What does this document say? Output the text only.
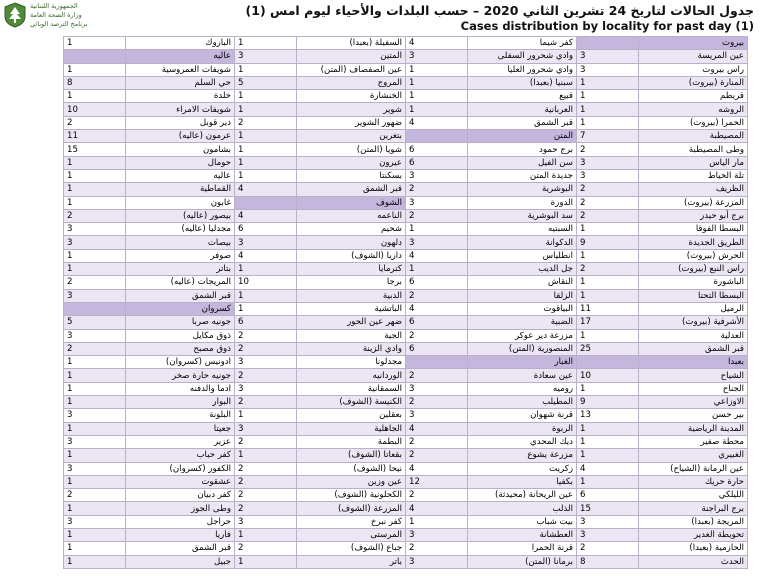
الجمهورية اللبنانية
وزارة الصحة العامة
برنامج الترصد الوبائي
جدول الحالات لتاريخ 24 تشرين الثاني 2020 – حسب البلدات والأحياء ليوم امس (1)
Cases distribution by locality for past day (1)
1	الباروك	1	السفيلة (بعبدا)	4	كفر شيما		بيروت
	عاليه	3	المتين	3	وادي شحرور السفلى	3	عين المريسة
1	شويفات العمروسية	1	عين الصفصاف (المتن)	1	وادي شحرور العليا	3	راس بيروت
8	حي السلم	5	المروج	1	سبنيا (بعبدا)	1	المنارة (بيروت)
1	خلدة	1	الخنشارة	1	قبيع	1	قريطم
10	شويفات الامراء	1	شوير	1	العربانية	1	الروشه
2	دير قوبل	2	ضهور الشوير	4	قبر الشمق	1	الحمرا (بيروت)
11	عرمون (عاليه)	1	بتغرين		المتن	7	المصيطبة
15	بشامون	1	شويا (المتن)	6	برج حمود	2	وطى المصيطبة
1	حومال	1	عيرون	6	سن الفيل	3	مار الياس
1	عاليه	1	بسكنتا	3	جديدة المتن	3	تلة الخياط
1	القماطية	4	قبر الشمق	2	البوشرية	2	الظريف
1	غابون		الشوف	3	الدورة	2	المزرعة (بيروت)
2	بيصور (عاليه)	4	الناعمه	2	سد البوشرية	2	برج أبو حيدر
3	مجدليا (عاليه)	6	شحيم	1	السبتيه	1	البسطا الفوقا
3	بيصات	3	دلهون	3	الدكوانة	9	الطريق الجديدة
1	صوفر	4	داريا (الشوف)	4	انطلياس	1	الحرش (بيروت)
1	بتاتر	1	كترمايا	1	جل الديب	2	راس النبع (بيروت)
2	المريجات (عاليه)	10	برجا	6	النقاش	1	الباشورة
3	قبر الشمق	1	الدبية	2	الزلقا	1	البسطا التحتا
	كسروان	1	الباتشية	4	البياقوت	11	الرميل
5	جونيه صربا	6	ضهر عين الحور	6	الضبية	17	الأشرفية (بيروت)
3	ذوق مكايل	2	الجية	2	مزرعة دير عوكر	1	العدلية
2	ذوق مصبح	2	وادي الزينة	6	المنصورية (المتن)	25	قبر الشمق
1	ادونيس (كسروان)	3	مجدلونا		الغبار		بعبدا
1	جونيه حارة صخر	2	الوردانيه	2	عين سعادة	10	الشياح
1	ادما والدفنه	3	السمقانية	3	روميه	1	الجناح
1	البوار	2	الكنيسة (الشوف)	2	المطيلب	9	الاوزاعي
3	البلونة	1	بعقلين	3	قرنة شهوان	13	بير حسن
1	جعيتا	3	الجاهلية	4	الربوة	1	المدينة الرياضية
3	عزير	2	البطمة	2	ديك المحدي	1	محطة صفير
1	كفر حباب	1	بقعاتا (الشوف)	2	مزرعة يشوع	1	الغبيري
3	الكفور (كسروان)	2	نيحا (الشوف)	4	زكريت	4	عين الرمانة (الشياح)
1	عشقوت	2	عين وزين	12	بكفيا	1	حارة حريك
2	كفر دبيان	2	الكحلونية (الشوف)	2	عين الريحانة (محيدثة)	6	الليلكي
1	وطى الجوز	2	المزرعة (الشوف)	4	الذلب	15	برج البراجنة
3	حراجل	3	كفر نبرخ	1	بيت شباب	3	المريجة (بعبدا)
1	فاريا	1	المرستى	3	العطشانة	3	تحويطة الغدير
1	قبر الشمق	2	جباع (الشوف)	2	قرنة الحمرا	2	الحازمية (بعبدا)
1	جبيل	1	باتر	3	برمانا (المتن)	8	الحدث
